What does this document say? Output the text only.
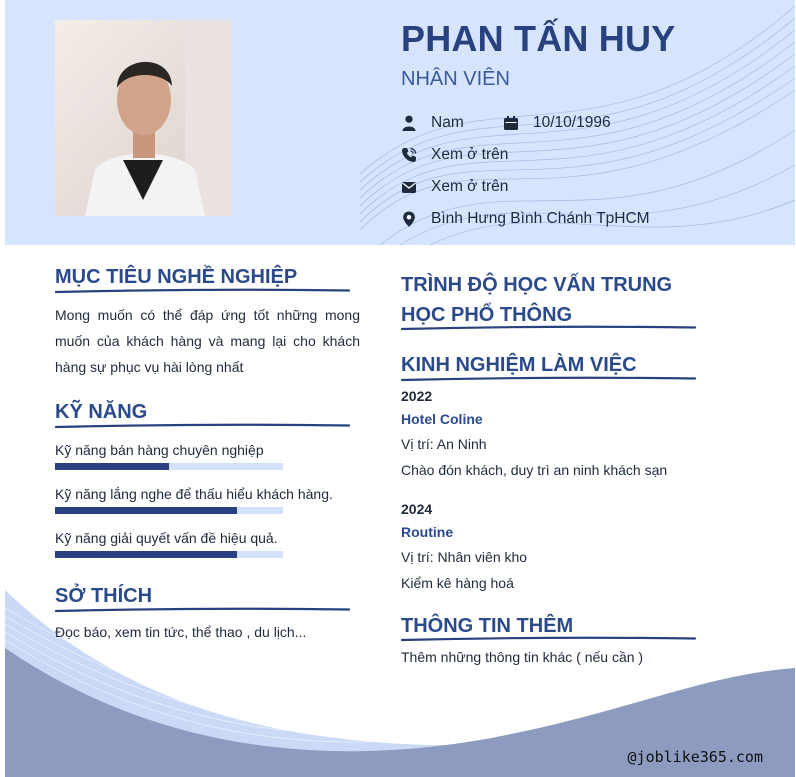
PHAN TẤN HUY
NHÂN VIÊN
Nam	10/10/1996
Xem ở trên
Xem ở trên
Bình Hưng Bình Chánh TpHCM
MỤC TIÊU NGHỀ NGHIỆP
Mong muốn có thể đáp ứng tốt những mong muốn của khách hàng và mang lại cho khách hàng sự phục vụ hài lòng nhất
KỸ NĂNG
Kỹ năng bán hàng chuyên nghiệp
Kỹ năng lắng nghe để thấu hiểu khách hàng.
Kỹ năng giải quyết vấn đề hiệu quả.
SỞ THÍCH
Đọc báo, xem tin tức, thể thao , du lịch...
TRÌNH ĐỘ HỌC VẤN TRUNG HỌC PHỔ THÔNG
KINH NGHIỆM LÀM VIỆC
2022
Hotel Coline
Vị trí: An Ninh
Chào đón khách, duy trì an ninh khách sạn
2024
Routine
Vị trí: Nhân viên kho
Kiểm kê hàng hoá
THÔNG TIN THÊM
Thêm những thông tin khác ( nếu cần )
@joblike365.com
